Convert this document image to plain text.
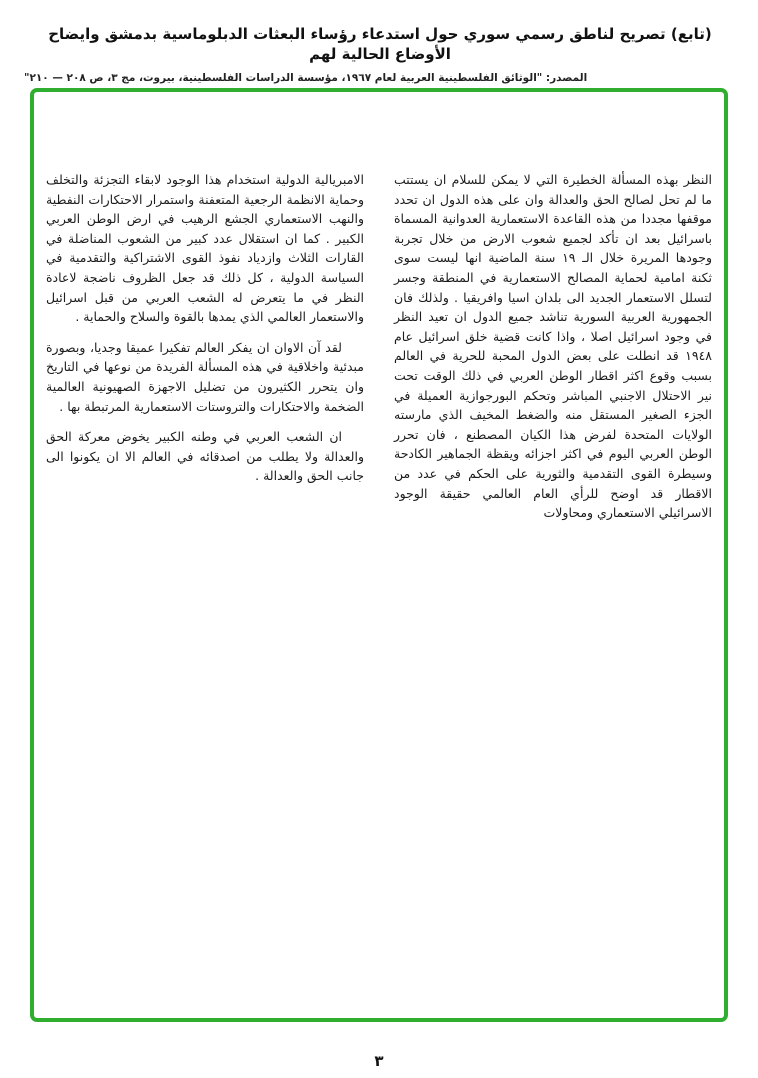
(تابع) تصريح لناطق رسمي سوري حول استدعاء رؤساء البعثات الدبلوماسية بدمشق وايضاح الأوضاع الحالية لهم
المصدر: "الوثائق الفلسطينية العربية لعام ١٩٦٧، مؤسسة الدراسات الفلسطينية، بيروت، مج ٣، ص ٢٠٨ — ٢١٠"

النظر بهذه المسألة الخطيرة التي لا يمكن للسلام ان يستتب ما لم تحل لصالح الحق والعدالة وان على هذه الدول ان تحدد موقفها مجددا من هذه القاعدة الاستعمارية العدوانية المسماة باسرائيل بعد ان تأكد لجميع شعوب الارض من خلال تجربة وجودها المريرة خلال الـ ١٩ سنة الماضية انها ليست سوى ثكنة امامية لحماية المصالح الاستعمارية في المنطقة وجسر لتسلل الاستعمار الجديد الى بلدان اسيا وافريقيا . ولذلك فان الجمهورية العربية السورية تناشد جميع الدول ان تعيد النظر في وجود اسرائيل اصلا ، واذا كانت قضية خلق اسرائيل عام ١٩٤٨ قد انطلت على بعض الدول المحبة للحرية في العالم بسبب وقوع اكثر اقطار الوطن العربي في ذلك الوقت تحت نير الاحتلال الاجنبي المباشر وتحكم البورجوازية العميلة في الجزء الصغير المستقل منه والضغط المخيف الذي مارسته الولايات المتحدة لفرض هذا الكيان المصطنع ، فان تحرر الوطن العربي اليوم في اكثر اجزائه ويقظة الجماهير الكادحة وسيطرة القوى التقدمية والثورية على الحكم في عدد من الاقطار قد اوضح للرأي العام العالمي حقيقة الوجود الاسرائيلي الاستعماري ومحاولات

الامبريالية الدولية استخدام هذا الوجود لابقاء التجزئة والتخلف وحماية الانظمة الرجعية المتعفنة واستمرار الاحتكارات النفطية والنهب الاستعماري الجشع الرهيب في ارض الوطن العربي الكبير . كما ان استقلال عدد كبير من الشعوب المناضلة في القارات الثلاث وازدياد نفوذ القوى الاشتراكية والتقدمية في السياسة الدولية ، كل ذلك قد جعل الظروف ناضجة لاعادة النظر في ما يتعرض له الشعب العربي من قبل اسرائيل والاستعمار العالمي الذي يمدها بالقوة والسلاح والحماية .

لقد آن الاوان ان يفكر العالم تفكيرا عميقا وجديا، وبصورة مبدئية واخلاقية في هذه المسألة الفريدة من نوعها في التاريخ وان يتحرر الكثيرون من تضليل الاجهزة الصهيونية العالمية الضخمة والاحتكارات والتروستات الاستعمارية المرتبطة بها .

ان الشعب العربي في وطنه الكبير يخوض معركة الحق والعدالة ولا يطلب من اصدقائه في العالم الا ان يكونوا الى جانب الحق والعدالة .

٣
